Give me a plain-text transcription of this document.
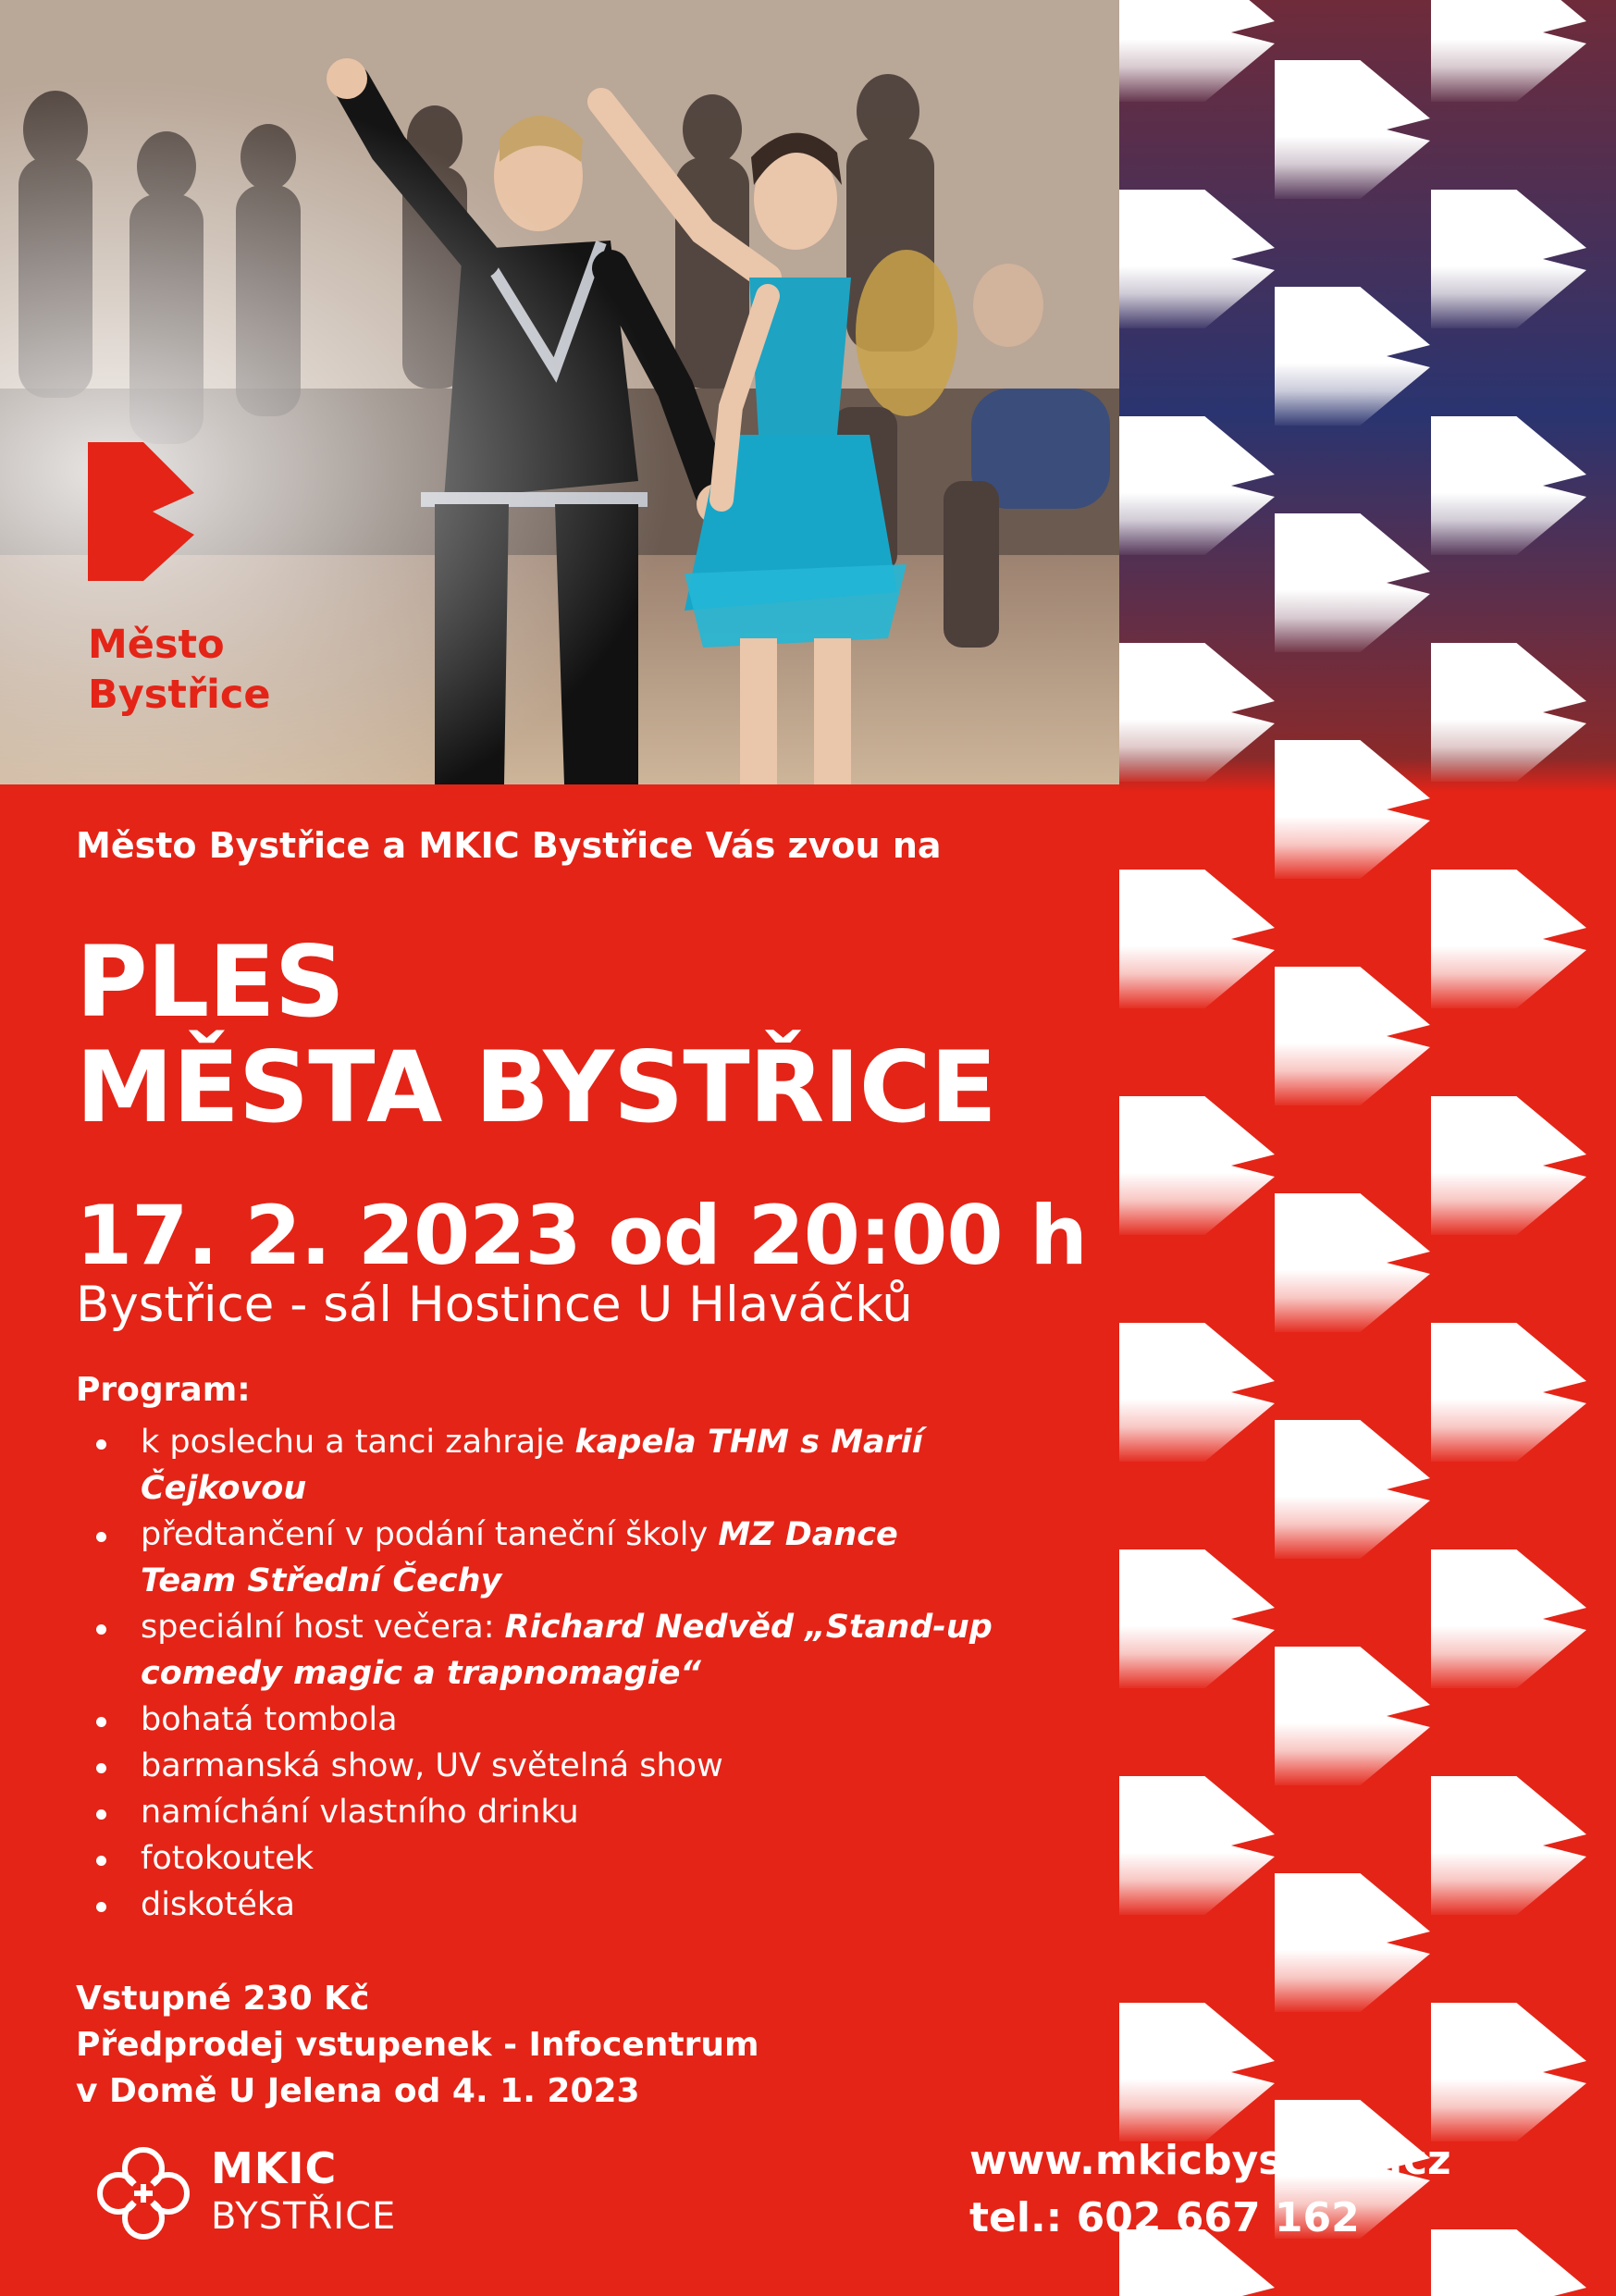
Město
Bystřice
Město Bystřice a MKIC Bystřice Vás zvou na
PLES
MĚSTA BYSTŘICE
17. 2. 2023 od 20:00 h
Bystřice - sál Hostince U Hlaváčků
Program:
k poslechu a tanci zahraje kapela THM s Marií Čejkovou
předtančení v podání taneční školy MZ Dance Team Střední Čechy
speciální host večera: Richard Nedvěd „Stand-up comedy magic a trapnomagie“
bohatá tombola
barmanská show, UV světelná show
namíchání vlastního drinku
fotokoutek
diskotéka
Vstupné 230 Kč
Předprodej vstupenek - Infocentrum
v Domě U Jelena od 4. 1. 2023
MKIC
BYSTŘICE
www.mkicbystrice.cz
tel.: 602 667 162
